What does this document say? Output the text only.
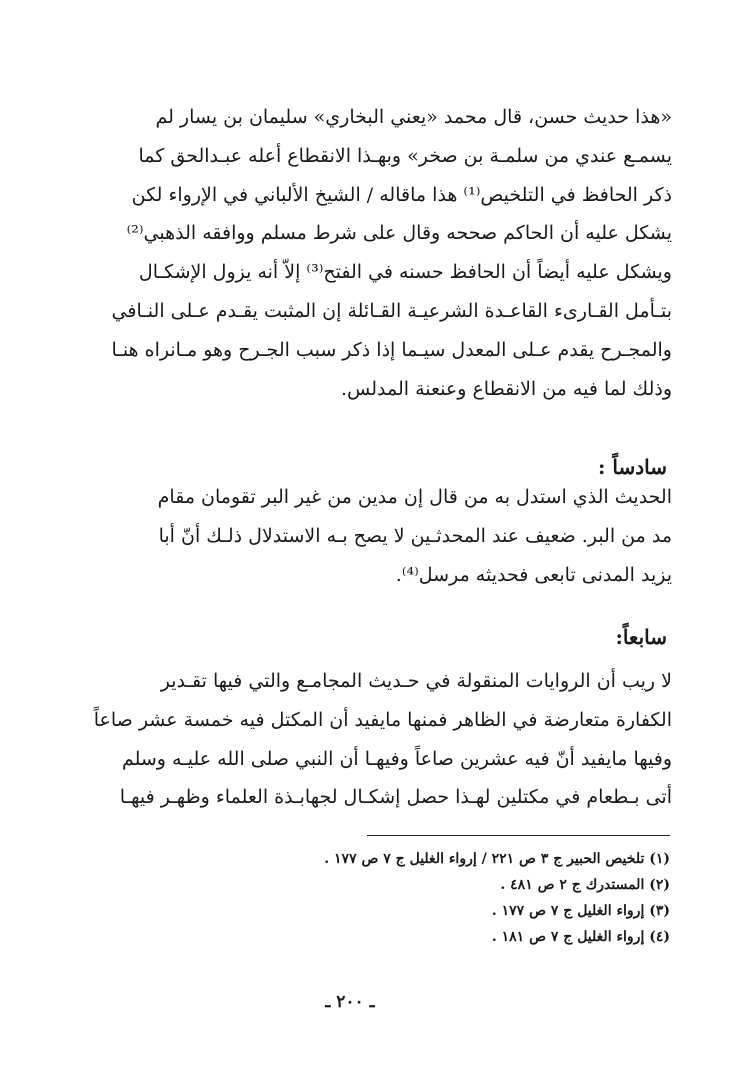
«هذا حديث حسن، قال محمد «يعني البخاري» سليمان بن يسار لم
يسمـع عندي من سلمـة بن صخر» وبهـذا الانقطاع أعله عبـدالحق كما
ذكر الحافظ في التلخيص⁽¹⁾ هذا ماقاله / الشيخ الألباني في الإرواء لكن
يشكل عليه أن الحاكم صححه وقال على شرط مسلم ووافقه الذهبي⁽²⁾
ويشكل عليه أيضاً أن الحافظ حسنه في الفتح⁽³⁾ إلاّ أنه يزول الإشكـال
بتـأمل القـارىء القاعـدة الشرعيـة القـائلة إن المثبت يقـدم عـلى النـافي
والمجـرح يقدم عـلى المعدل سيـما إذا ذكر سبب الجـرح وهو مـانراه هنـا
وذلك لما فيه من الانقطاع وعنعنة المدلس.
سادساً :
الحديث الذي استدل به من قال إن مدين من غير البر تقومان مقام
مد من البر. ضعيف عند المحدثـين لا يصح بـه الاستدلال ذلـك أنّ أبا
يزيد المدنى تابعى فحديثه مرسل⁽⁴⁾.
سابعاً:
لا ريب أن الروايات المنقولة في حـديث المجامـع والتي فيها تقـدير
الكفارة متعارضة في الظاهر فمنها مايفيد أن المكتل فيه خمسة عشر صاعاً
وفيها مايفيد أنّ فيه عشرين صاعاً وفيهـا أن النبي صلى الله عليـه وسلم
أتى بـطعام في مكتلين لهـذا حصل إشكـال لجهابـذة العلماء وظهـر فيهـا
(١) تلخيص الحبير ج ٣ ص ٢٢١ / إرواء الغليل ج ٧ ص ١٧٧ .
(٢) المستدرك ج ٢ ص ٤٨١ .
(٣) إرواء الغليل ج ٧ ص ١٧٧ .
(٤) إرواء الغليل ج ٧ ص ١٨١ .
ـ ٢٠٠ ـ
